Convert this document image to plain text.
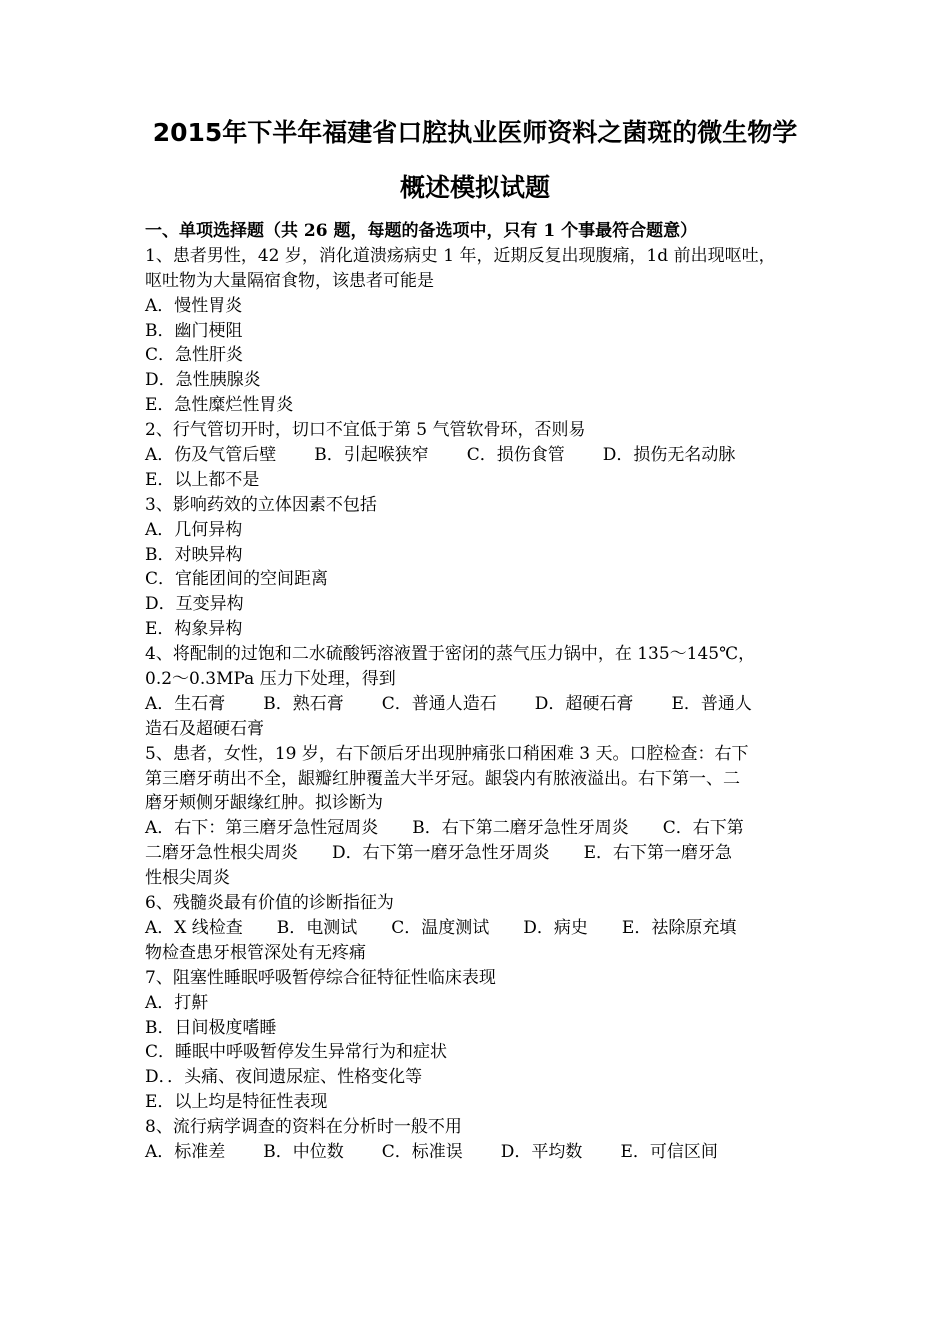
2015年下半年福建省口腔执业医师资料之菌斑的微生物学
概述模拟试题
一、单项选择题（共 26 题，每题的备选项中，只有 1 个事最符合题意）
1、患者男性，42 岁，消化道溃疡病史 1 年，近期反复出现腹痛，1d 前出现呕吐，
呕吐物为大量隔宿食物，该患者可能是
A．慢性胃炎
B．幽门梗阻
C．急性肝炎
D．急性胰腺炎
E．急性糜烂性胃炎
2、行气管切开时，切口不宜低于第 5 气管软骨环，否则易
A．伤及气管后壁 B．引起喉狭窄 C．损伤食管 D．损伤无名动脉
E．以上都不是
3、影响药效的立体因素不包括
A．几何异构
B．对映异构
C．官能团间的空间距离
D．互变异构
E．构象异构
4、将配制的过饱和二水硫酸钙溶液置于密闭的蒸气压力锅中，在 135～145℃，
0.2～0.3MPa 压力下处理，得到
A．生石膏 B．熟石膏 C．普通人造石 D．超硬石膏 E．普通人
造石及超硬石膏
5、患者，女性，19 岁，右下颌后牙出现肿痛张口稍困难 3 天。口腔检查：右下
第三磨牙萌出不全，龈瓣红肿覆盖大半牙冠。龈袋内有脓液溢出。右下第一、二
磨牙颊侧牙龈缘红肿。拟诊断为
A．右下：第三磨牙急性冠周炎　　B．右下第二磨牙急性牙周炎　　C．右下第
二磨牙急性根尖周炎　　D．右下第一磨牙急性牙周炎　　E．右下第一磨牙急
性根尖周炎
6、残髓炎最有价值的诊断指征为
A．X 线检查　　B．电测试　　C．温度测试　　D．病史　　E．祛除原充填
物检查患牙根管深处有无疼痛
7、阻塞性睡眠呼吸暂停综合征特征性临床表现
A．打鼾
B．日间极度嗜睡
C．睡眠中呼吸暂停发生异常行为和症状
D．．头痛、夜间遗尿症、性格变化等
E．以上均是特征性表现
8、流行病学调查的资料在分析时一般不用
A．标准差 B．中位数 C．标准误 D．平均数 E．可信区间
